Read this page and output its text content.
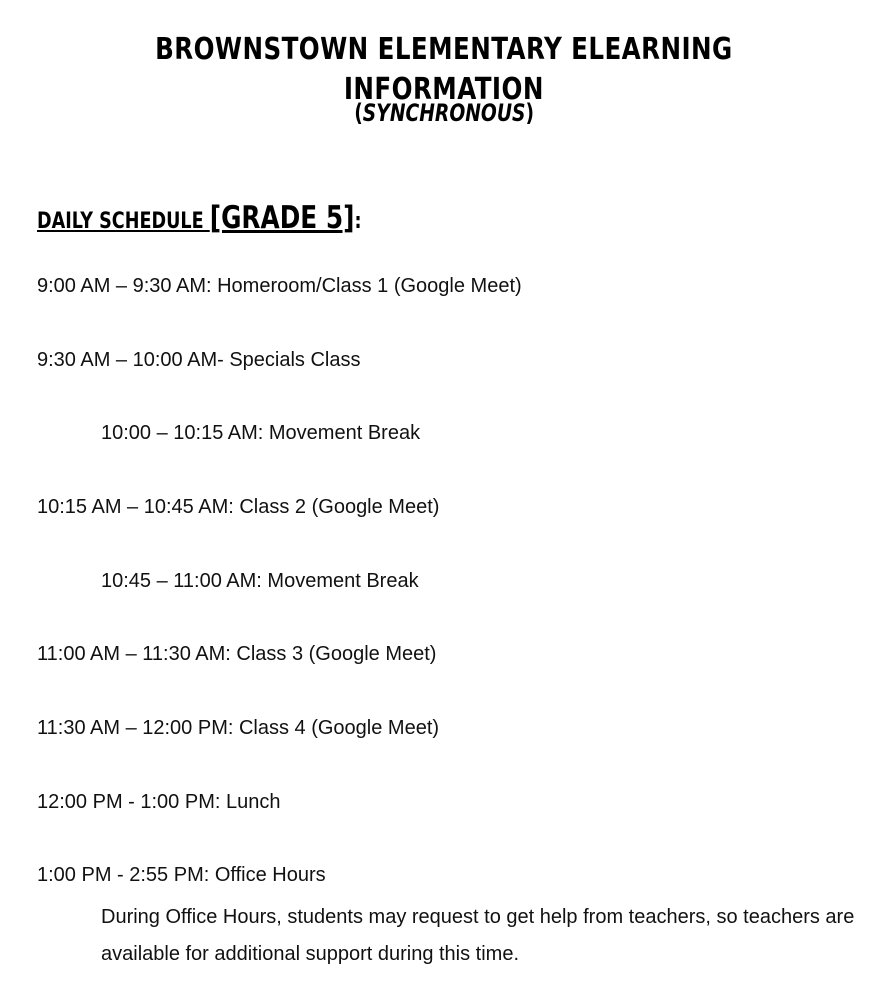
BROWNSTOWN ELEMENTARY ELEARNING INFORMATION
(SYNCHRONOUS)
DAILY SCHEDULE [GRADE 5]:
9:00 AM – 9:30 AM: Homeroom/Class 1 (Google Meet)
9:30 AM – 10:00 AM- Specials Class
10:00 – 10:15 AM: Movement Break
10:15 AM – 10:45 AM: Class 2 (Google Meet)
10:45 – 11:00 AM: Movement Break
11:00 AM – 11:30 AM: Class 3 (Google Meet)
11:30 AM – 12:00 PM: Class 4 (Google Meet)
12:00 PM - 1:00 PM: Lunch
1:00 PM - 2:55 PM: Office Hours
During Office Hours, students may request to get help from teachers, so teachers are available for additional support during this time.
